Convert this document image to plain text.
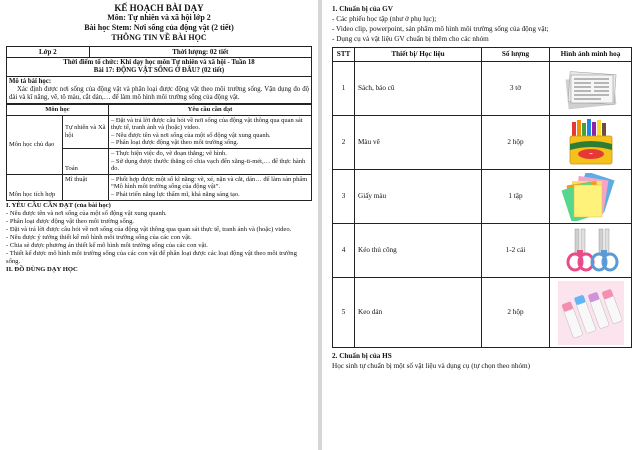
KẾ HOẠCH BÀI DẠY
Môn: Tự nhiên và xã hội lớp 2
Bài học Stem: Nơi sống của động vật (2 tiết)
THÔNG TIN VỀ BÀI HỌC
Lớp 2	Thời lượng: 02 tiết
Thời điểm tổ chức: Khi dạy học môn Tự nhiên và xã hội - Tuần 18
Bài 17: ĐỘNG VẬT SỐNG Ở ĐÂU? (02 tiết)

Mô tả bài học:
Xác định được nơi sống của động vật và phân loại được động vật theo môi trường sống. Vận dụng đo độ dài và kĩ năng, vẽ, tô màu, cắt dán,… để làm mô hình môi trường sống của động vật.
Môn học		Yêu cầu cần đạt
Môn học chủ đạo	Tự nhiên và Xã hội	– Đặt và trả lời được câu hỏi về nơi sống của động vật thông qua quan sát thực tế, tranh ảnh và (hoặc) video.
– Nêu được tên và nơi sống của một số động vật xung quanh.
– Phân loại được động vật theo môi trường sống.

	Toán	– Thực hiện việc đo, vẽ đoạn thẳng; vẽ hình.
– Sử dụng được thước thẳng có chia vạch đến xăng-ti-mét,… để thực hành đo.

Môn học tích hợp	Mĩ thuật	– Phối hợp được một số kĩ năng: vẽ, xé, nặn và cắt, dán… để làm sản phẩm “Mô hình môi trường sống của động vật”.
– Phát triển năng lực thẩm mĩ, khả năng sáng tạo.
I. YÊU CẦU CẦN ĐẠT (của bài học)
- Nêu được tên và nơi sống của một số động vật xung quanh.
- Phân loại được động vật theo môi trường sống.
- Đặt và trả lời được câu hỏi về nơi sống của động vật thông qua quan sát thực tế, tranh ảnh và (hoặc) video.
- Nêu được ý tưởng thiết kế mô hình môi trường sống của các con vật.
- Chia sẻ được phương án thiết kế mô hình môi trường sống của các con vật.
- Thiết kế được mô hình môi trường sống của các con vật để phân loại được các loại động vật theo môi trường sống.
II. ĐỒ DÙNG DẠY HỌC
1. Chuẩn bị của GV
- Các phiếu học tập (như ở phụ lục);
- Video clip, powerpoint, sản phẩm mô hình môi trường sống của động vật;
- Dụng cụ và vật liệu GV chuẩn bị thêm cho các nhóm
STT	Thiết bị/ Học liệu	Số lượng	Hình ảnh minh hoạ
1	Sách, báo cũ	3 tờ	

2	Màu vẽ	2 hộp	~

3	Giấy màu	1 tập	

4	Kéo thủ công	1-2 cái	

5	Keo dán	2 hộp	
2. Chuẩn bị của HS
Học sinh tự chuẩn bị một số vật liệu và dụng cụ (tự chọn theo nhóm)
